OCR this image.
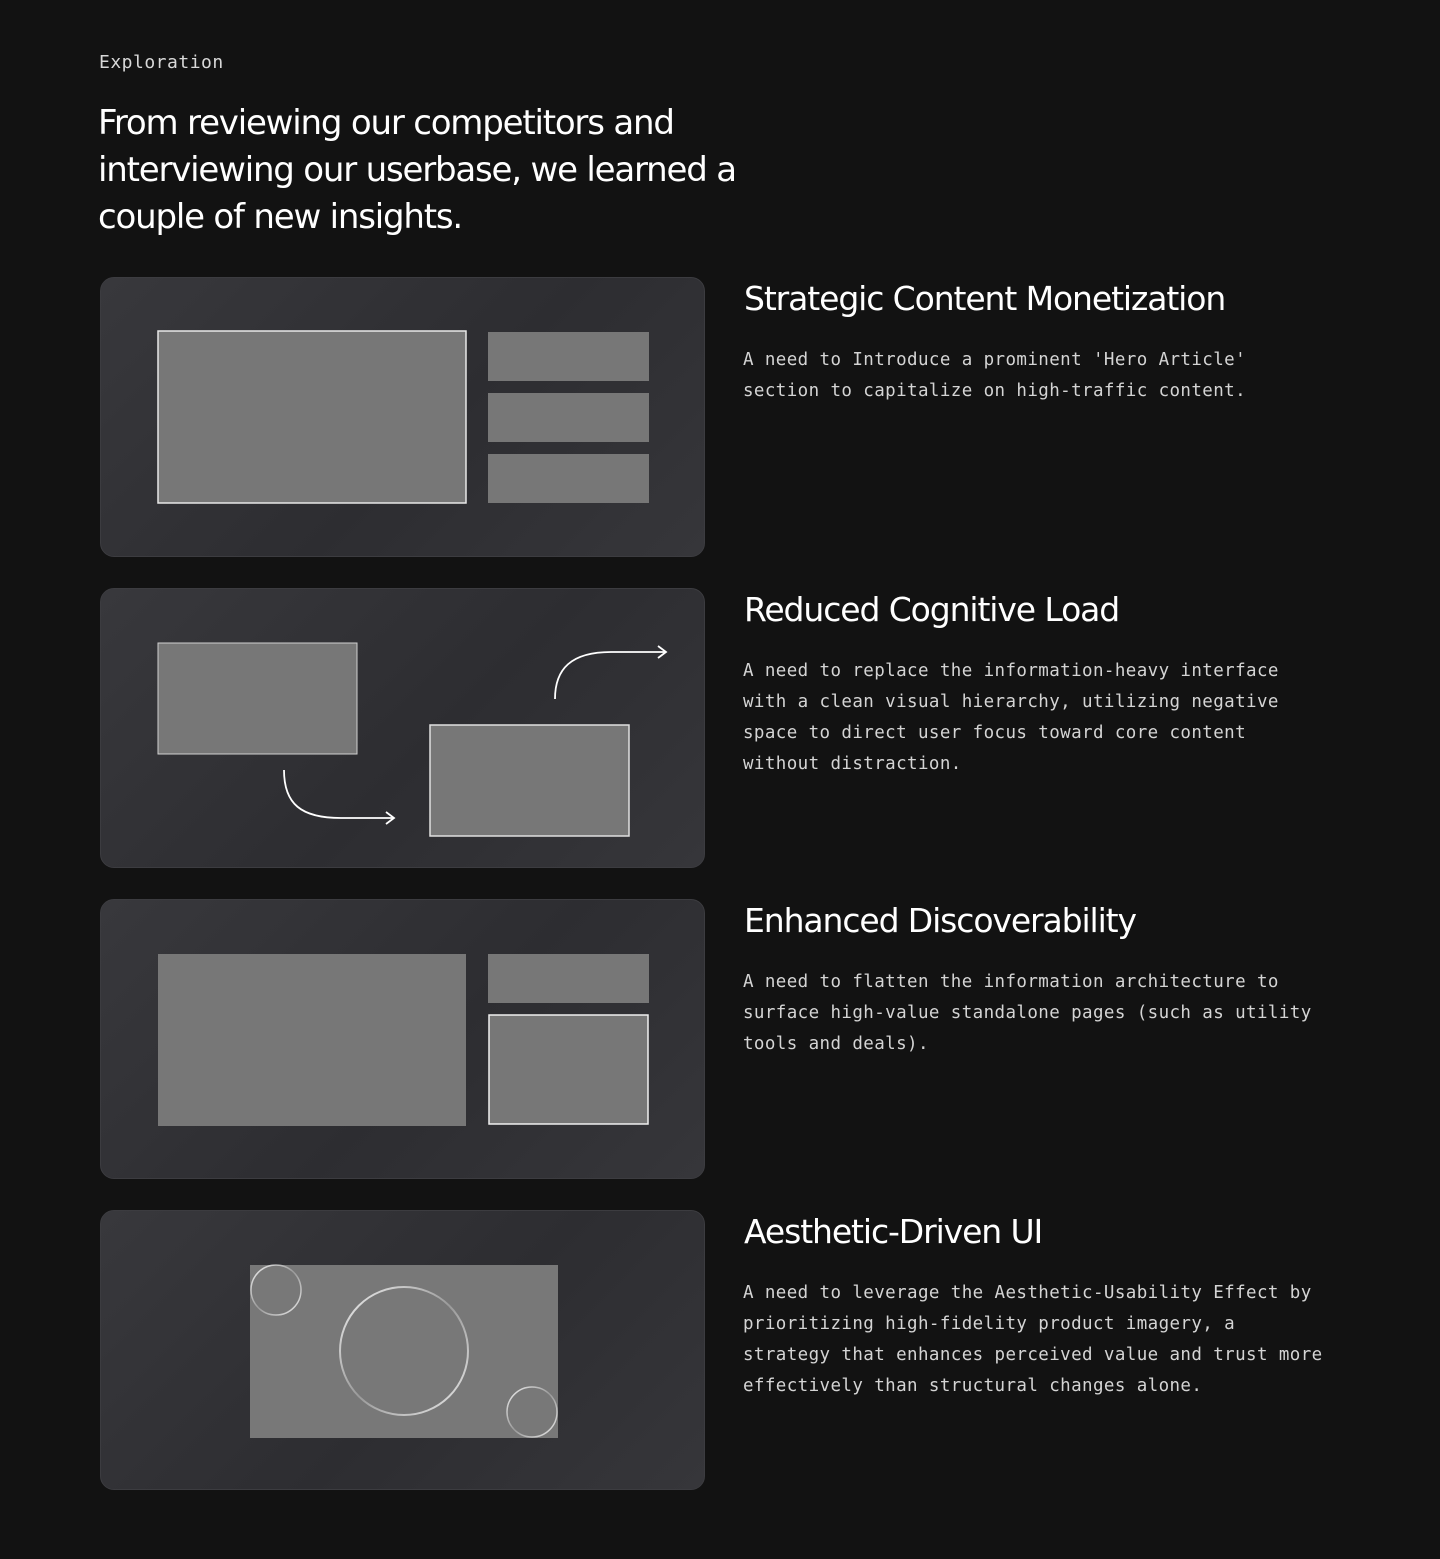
Exploration
From reviewing our competitors and interviewing our userbase, we learned a couple of new insights.
Strategic Content Monetization

A need to Introduce a prominent 'Hero Article' section to capitalize on high-traffic content.

Reduced Cognitive Load

A need to replace the information-heavy interface with a clean visual hierarchy, utilizing negative space to direct user focus toward core content without distraction.

Enhanced Discoverability

A need to flatten the information architecture to surface high-value standalone pages (such as utility tools and deals).

Aesthetic-Driven UI

A need to leverage the Aesthetic-Usability Effect by prioritizing high-fidelity product imagery, a strategy that enhances perceived value and trust more effectively than structural changes alone.
